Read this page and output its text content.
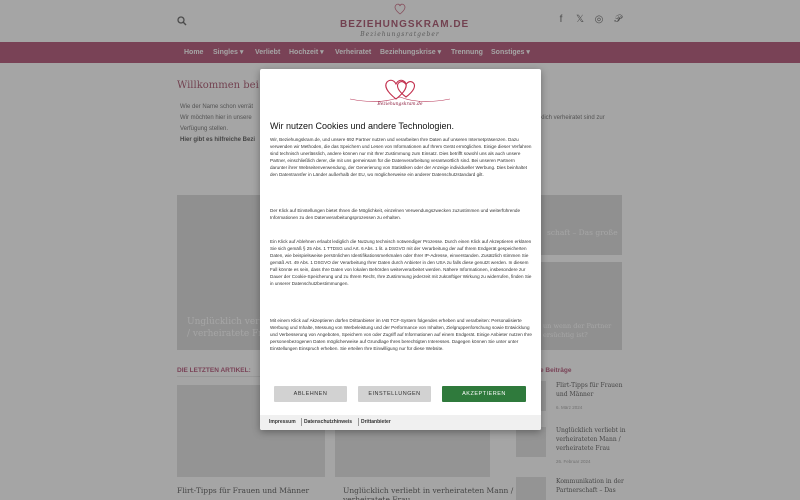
Beziehungskram.de
Wir nutzen Cookies und andere Technologien.
Wir, Beziehungskram.de, und unsere 692 Partner nutzen und verarbeiten Ihre Daten auf unseren Internetpräsenzen. Dazu verwenden wir Methoden, die das Speichern und Lesen von Informationen auf Ihrem Gerät ermöglichen. Einige dieser Verfahren sind technisch unerlässlich, andere können nur mit Ihrer Zustimmung zum Einsatz. Dies betrifft sowohl uns als auch unsere Partner, einschließlich derer, die mit uns gemeinsam für die Datenverarbeitung verantwortlich sind. Bei unseren Partnern darunter ihrer Webseitenverwendung, der Generierung von Statistiken oder der Anzeige individueller Werbung. Dies beinhaltet den Datentransfer in Länder außerhalb der EU, wo möglicherweise ein anderer Datenschutzstandard gilt.
Der Klick auf Einstellungen bietet Ihnen die Möglichkeit, einzelnen Verwendungszwecken zuzustimmen und weiterführende Informationen zu den Datenverarbeitungsprozessen zu erhalten.
Ein Klick auf Ablehnen erlaubt lediglich die Nutzung technisch notwendiger Prozesse. Durch einen Klick auf Akzeptieren erklären Sie sich gemäß § 25 Abs. 1 TTDSG und Art. 6 Abs. 1 lit. a DSGVO mit der Verarbeitung der auf Ihrem Endgerät gespeicherten Daten, wie beispielsweise persönlichen Identifikationsmerkmalen oder Ihrer IP-Adresse, einverstanden. Zusätzlich stimmen Sie gemäß Art. 49 Abs. 1 DSGVO der Verarbeitung Ihrer Daten durch Anbieter in den USA zu falls diese genutzt werden. In diesem Fall könnte es sein, dass Ihre Daten von lokalen Behörden weiterverarbeitet werden. Nähere Informationen, insbesondere zur Dauer der Cookie-Speicherung und zu Ihrem Recht, Ihre Zustimmung jederzeit mit zukünftiger Wirkung zu widerrufen, finden Sie in unserer Datenschutzbestimmungen.
Mit einem Klick auf Akzeptieren dürfen Drittanbieter im IAB TCF-System folgendes erheben und verarbeiten: Personalisierte Werbung und Inhalte, Messung von Werbeleistung und der Performance von Inhalten, Zielgruppenforschung sowie Entwicklung und Verbesserung von Angeboten, Speichern von oder Zugriff auf Informationen auf einem Endgerät. Einige Anbieter nutzen Ihre personenbezogenen Daten möglicherweise auf Grundlage Ihres berechtigten Interesses. Dagegen können Sie unter unter Einstellungen Einspruch erheben. Sie erteilen Ihre Einwilligung nur für diese Website.
ABLEHNEN	EINSTELLUNGEN	AKZEPTIEREN
Impressum Datenschutzhinweis Drittanbieter
